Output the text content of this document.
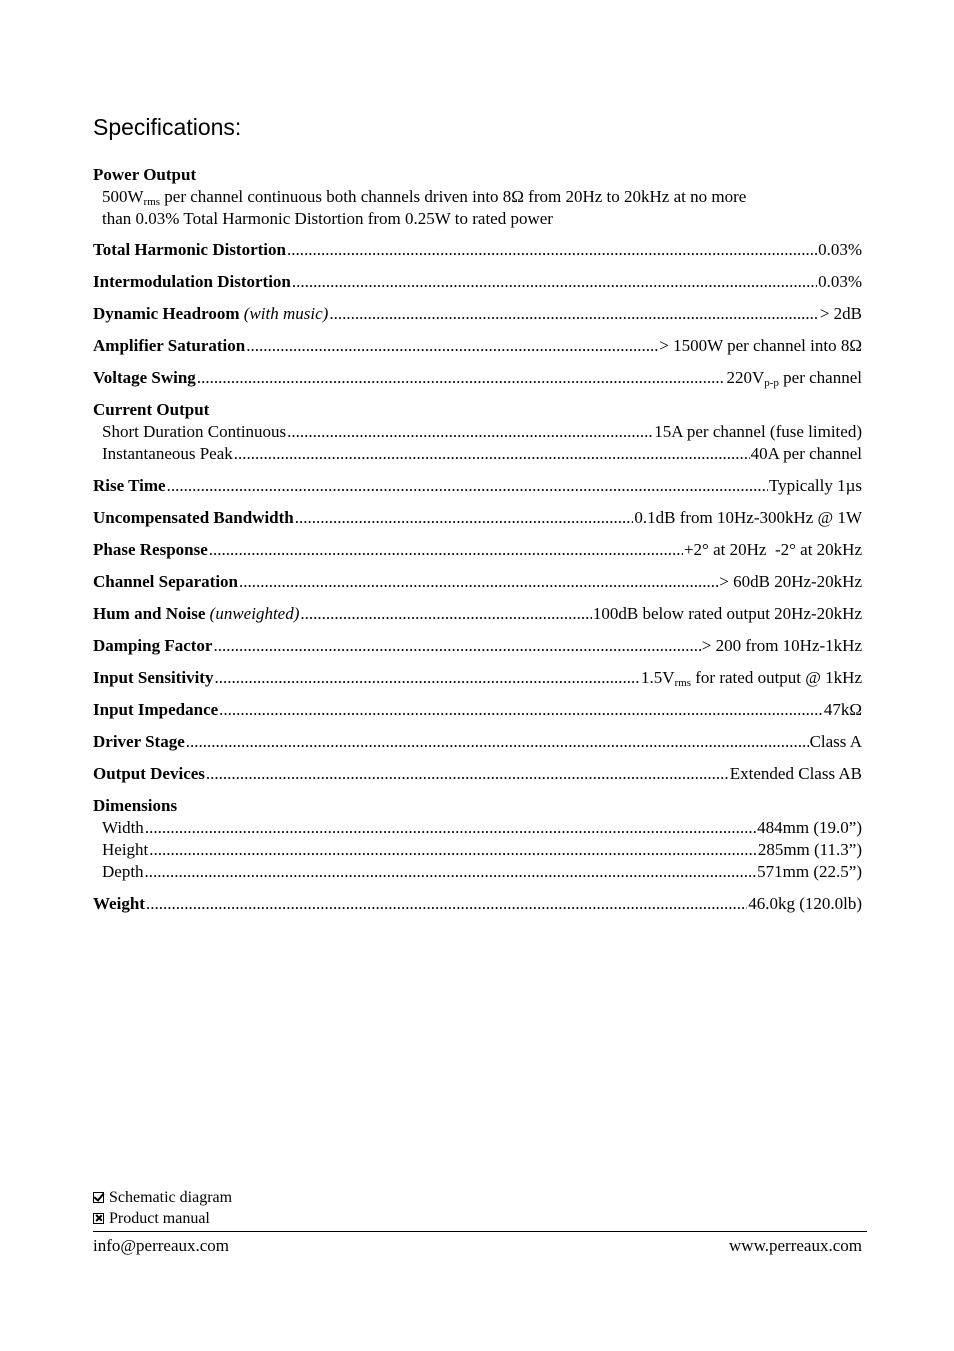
Specifications:
Power Output
$500W_{rms}$ per channel continuous both channels driven into 8Ω from 20Hz to 20kHz at no more
than 0.03% Total Harmonic Distortion from 0.25W to rated power
Total Harmonic Distortion .....	0.03%
Intermodulation Distortion .....	0.03%
Dynamic Headroom (with music) .....	> 2dB
Amplifier Saturation .....	> 1500W per channel into 8Ω
Voltage Swing .....	$220V_{p-p}$ per channel
Current Output
Short Duration Continuous .....	15A per channel (fuse limited)
Instantaneous Peak .....	40A per channel
Rise Time .....	Typically 1µs
Uncompensated Bandwidth .....	0.1dB from 10Hz-300kHz @ 1W
Phase Response .....	+2° at 20Hz  -2° at 20kHz
Channel Separation .....	> 60dB 20Hz-20kHz
Hum and Noise (unweighted) .....	100dB below rated output 20Hz-20kHz
Damping Factor .....	> 200 from 10Hz-1kHz
Input Sensitivity .....	$1.5V_{rms}$ for rated output @ 1kHz
Input Impedance .....	47kΩ
Driver Stage .....	Class A
Output Devices .....	Extended Class AB
Dimensions
Width .....	484mm (19.0”)
Height .....	285mm (11.3”)
Depth .....	571mm (22.5”)
Weight .....	46.0kg (120.0lb)
Schematic diagram
Product manual
info@perreaux.com	www.perreaux.com
